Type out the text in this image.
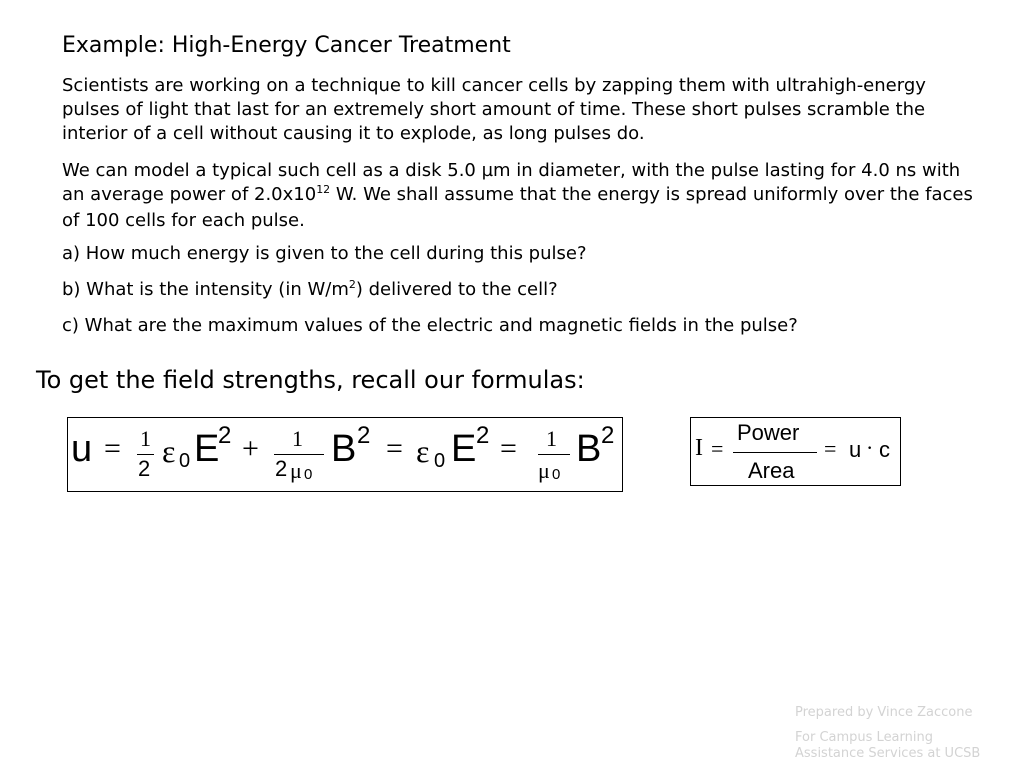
Example: High-Energy Cancer Treatment
Scientists are working on a technique to kill cancer cells by zapping them with ultrahigh-energy pulses of light that last for an extremely short amount of time. These short pulses scramble the interior of a cell without causing it to explode, as long pulses do.
We can model a typical such cell as a disk 5.0 µm in diameter, with the pulse lasting for 4.0 ns with an average power of $2.0x10^{12}$ W. We shall assume that the energy is spread uniformly over the faces of 100 cells for each pulse.
a) How much energy is given to the cell during this pulse?
b) What is the intensity (in $W/m^2$) delivered to the cell?
c) What are the maximum values of the electric and magnetic fields in the pulse?
To get the field strengths, recall our formulas:
u = 1
2 ε 0 E
2 + 1
2 μ 0
B 2 = ε 0 E 2 = 1
μ 0
B 2	I =
Power
Area
= u · c
Prepared by Vince Zaccone
For Campus Learning
Assistance Services at UCSB
